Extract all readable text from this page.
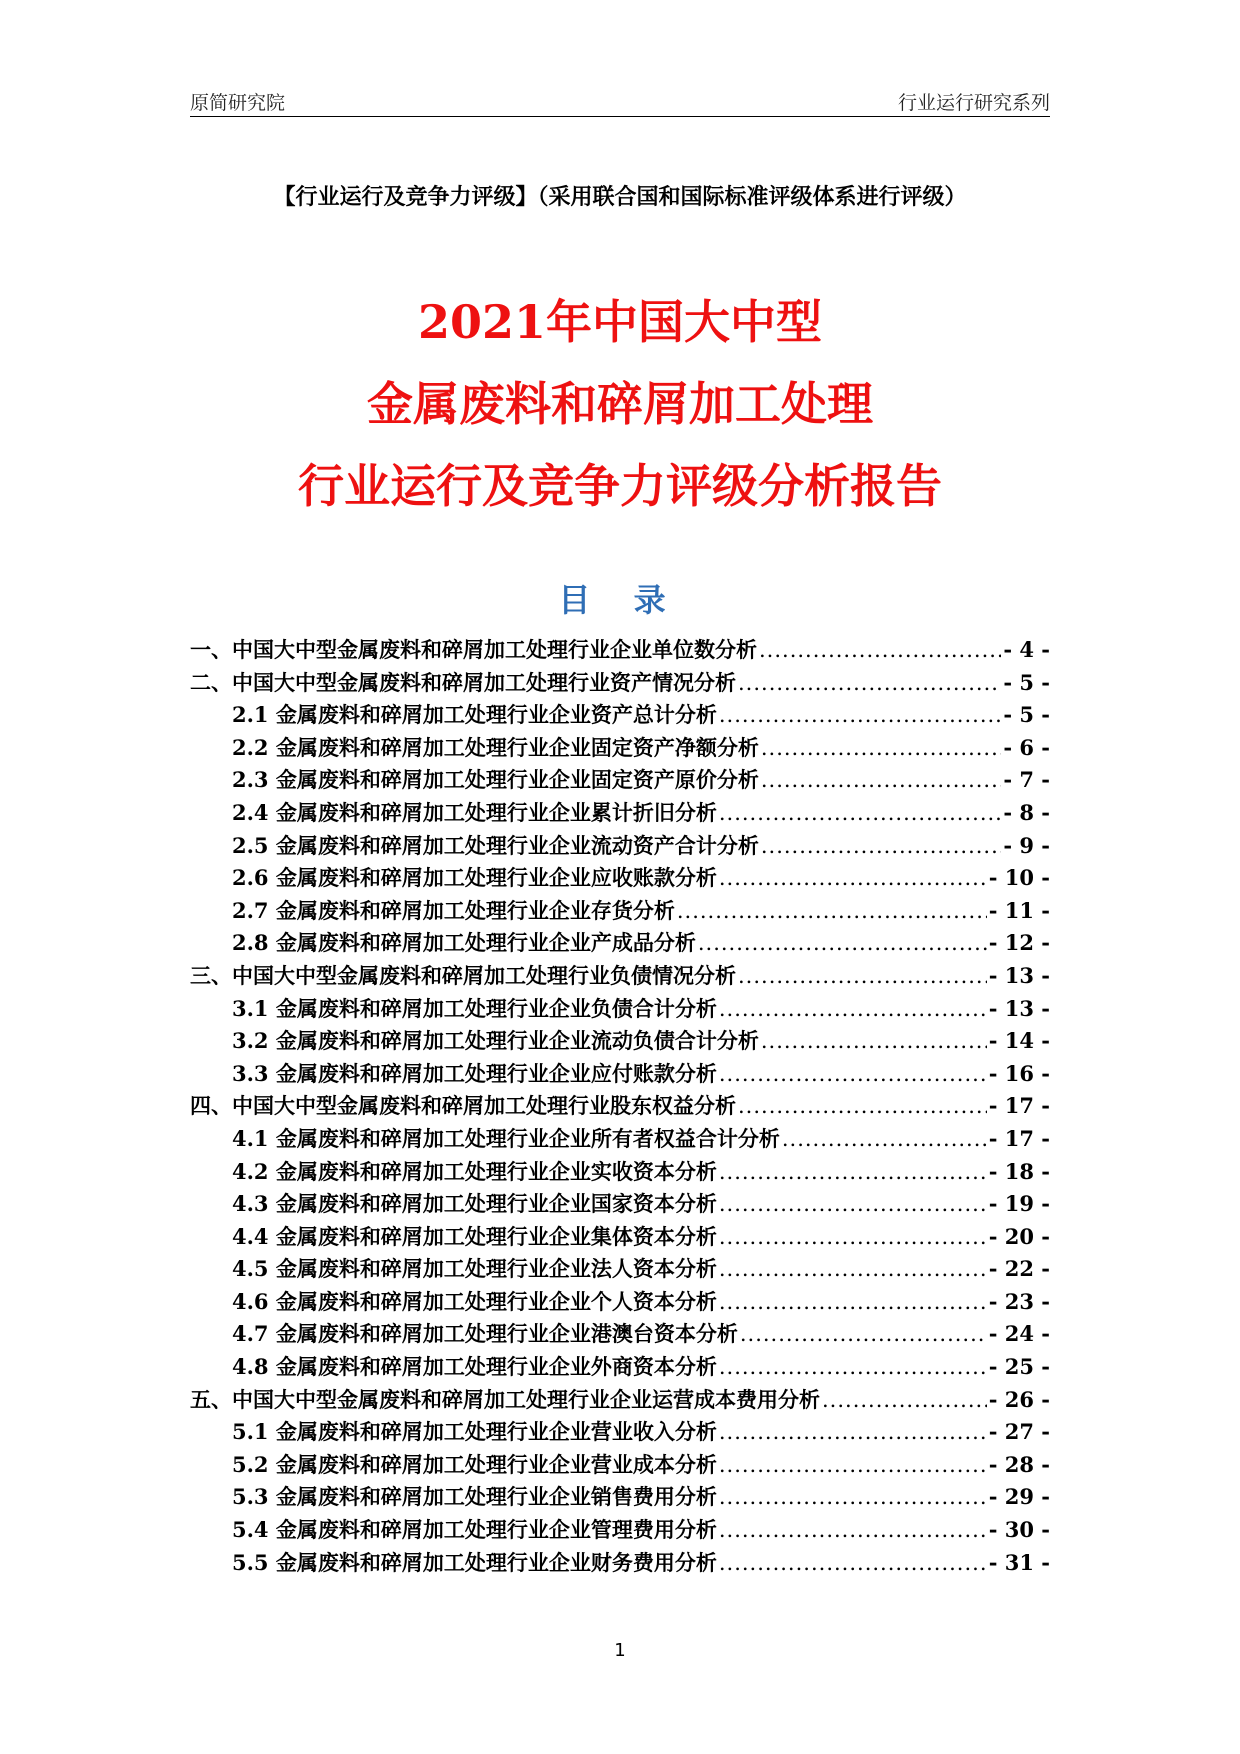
原简研究院	行业运行研究系列
【行业运行及竞争力评级】（采用联合国和国际标准评级体系进行评级）
2021年中国大中型
金属废料和碎屑加工处理
行业运行及竞争力评级分析报告
目 录
一、中国大中型金属废料和碎屑加工处理行业企业单位数分析 .....	- 4 -
二、中国大中型金属废料和碎屑加工处理行业资产情况分析 .....	- 5 -
2.1 金属废料和碎屑加工处理行业企业资产总计分析 .....	- 5 -
2.2 金属废料和碎屑加工处理行业企业固定资产净额分析 .....	- 6 -
2.3 金属废料和碎屑加工处理行业企业固定资产原价分析 .....	- 7 -
2.4 金属废料和碎屑加工处理行业企业累计折旧分析 .....	- 8 -
2.5 金属废料和碎屑加工处理行业企业流动资产合计分析 .....	- 9 -
2.6 金属废料和碎屑加工处理行业企业应收账款分析 .....	- 10 -
2.7 金属废料和碎屑加工处理行业企业存货分析 .....	- 11 -
2.8 金属废料和碎屑加工处理行业企业产成品分析 .....	- 12 -
三、中国大中型金属废料和碎屑加工处理行业负债情况分析 .....	- 13 -
3.1 金属废料和碎屑加工处理行业企业负债合计分析 .....	- 13 -
3.2 金属废料和碎屑加工处理行业企业流动负债合计分析 .....	- 14 -
3.3 金属废料和碎屑加工处理行业企业应付账款分析 .....	- 16 -
四、中国大中型金属废料和碎屑加工处理行业股东权益分析 .....	- 17 -
4.1 金属废料和碎屑加工处理行业企业所有者权益合计分析 .....	- 17 -
4.2 金属废料和碎屑加工处理行业企业实收资本分析 .....	- 18 -
4.3 金属废料和碎屑加工处理行业企业国家资本分析 .....	- 19 -
4.4 金属废料和碎屑加工处理行业企业集体资本分析 .....	- 20 -
4.5 金属废料和碎屑加工处理行业企业法人资本分析 .....	- 22 -
4.6 金属废料和碎屑加工处理行业企业个人资本分析 .....	- 23 -
4.7 金属废料和碎屑加工处理行业企业港澳台资本分析 .....	- 24 -
4.8 金属废料和碎屑加工处理行业企业外商资本分析 .....	- 25 -
五、中国大中型金属废料和碎屑加工处理行业企业运营成本费用分析 .....	- 26 -
5.1 金属废料和碎屑加工处理行业企业营业收入分析 .....	- 27 -
5.2 金属废料和碎屑加工处理行业企业营业成本分析 .....	- 28 -
5.3 金属废料和碎屑加工处理行业企业销售费用分析 .....	- 29 -
5.4 金属废料和碎屑加工处理行业企业管理费用分析 .....	- 30 -
5.5 金属废料和碎屑加工处理行业企业财务费用分析 .....	- 31 -
1
